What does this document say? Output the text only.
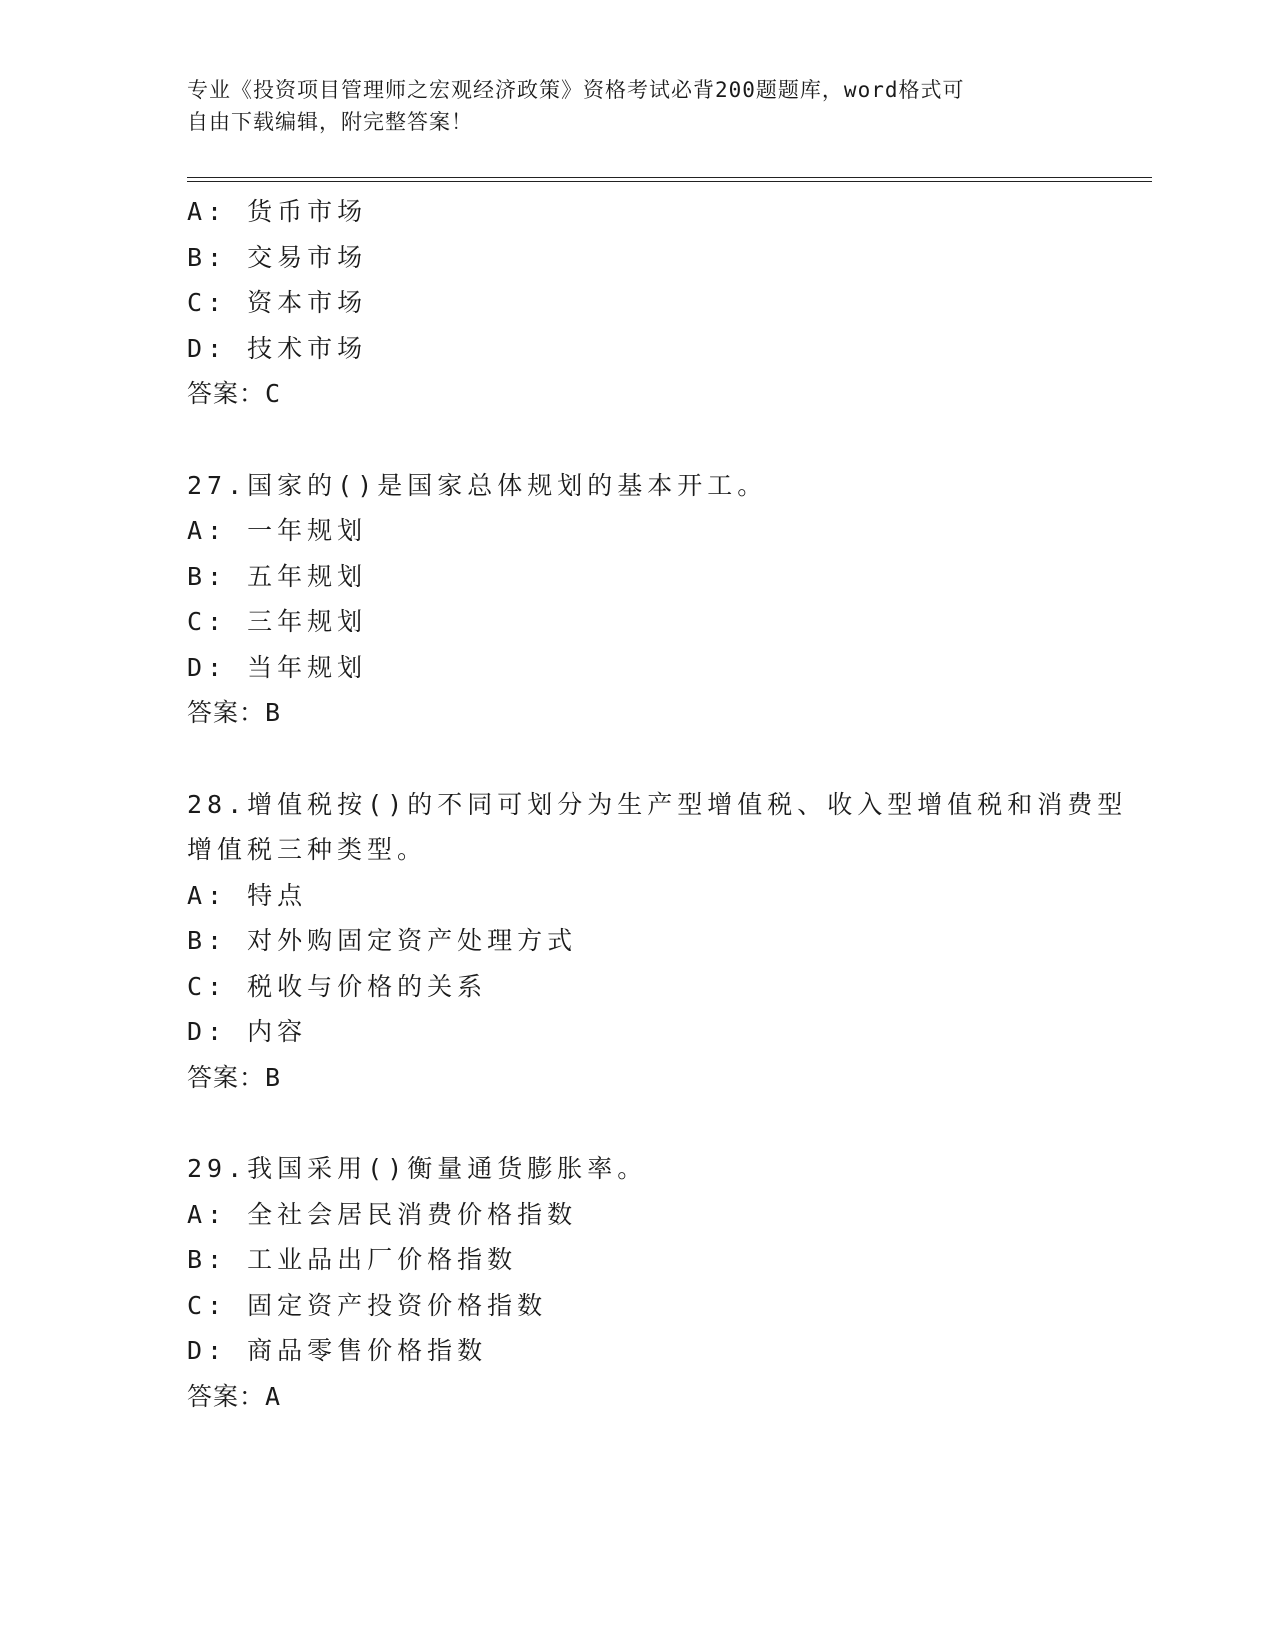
专业《投资项目管理师之宏观经济政策》资格考试必背200题题库，word格式可
自由下载编辑，附完整答案！
A: 货币市场
B: 交易市场
C: 资本市场
D: 技术市场
答案：C
27.国家的()是国家总体规划的基本开工。
A: 一年规划
B: 五年规划
C: 三年规划
D: 当年规划
答案：B
28.增值税按()的不同可划分为生产型增值税、收入型增值税和消费型
增值税三种类型。
A: 特点
B: 对外购固定资产处理方式
C: 税收与价格的关系
D: 内容
答案：B
29.我国采用()衡量通货膨胀率。
A: 全社会居民消费价格指数
B: 工业品出厂价格指数
C: 固定资产投资价格指数
D: 商品零售价格指数
答案：A
